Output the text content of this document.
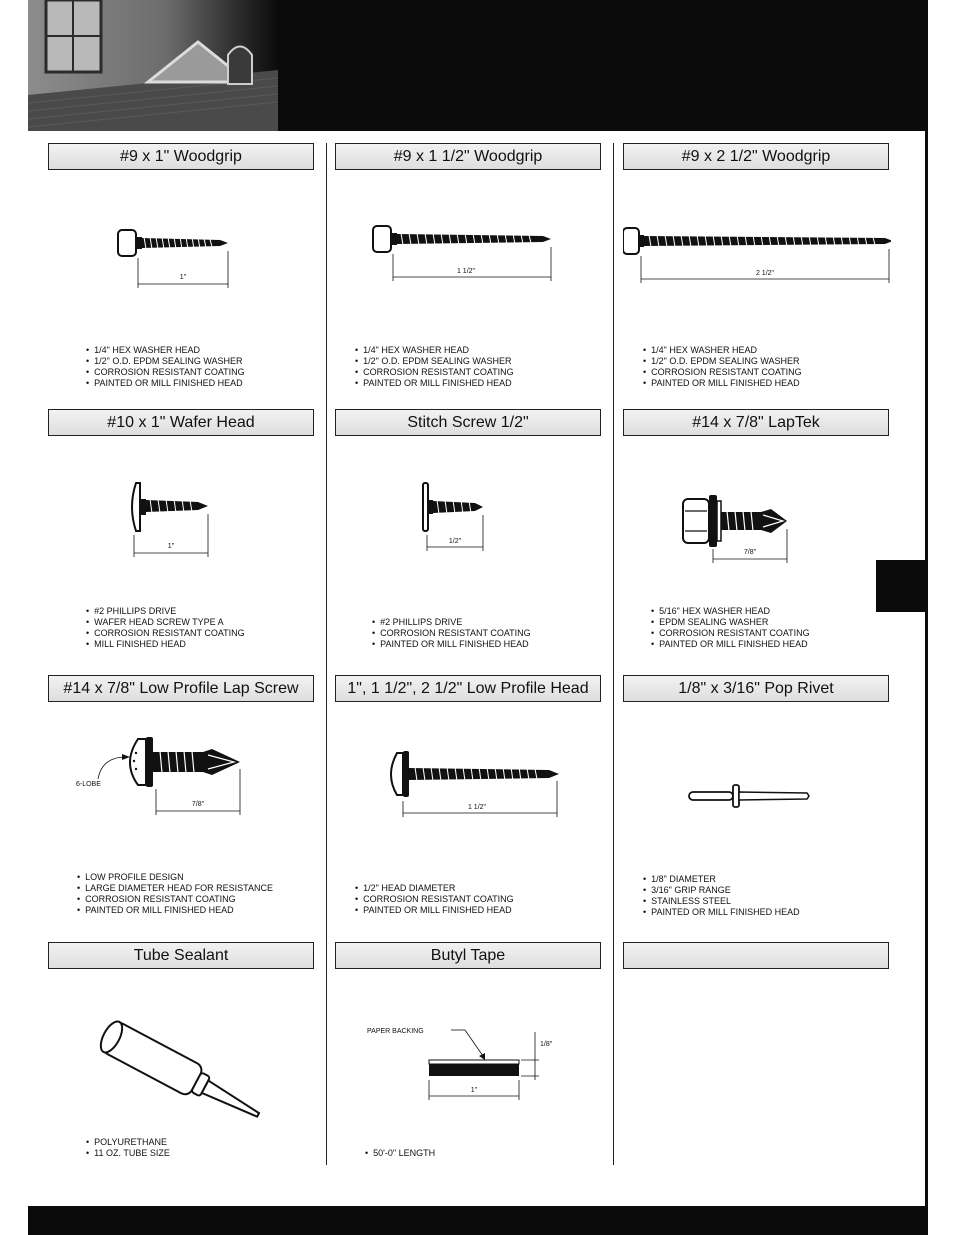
#9 x 1" Woodgrip
1"
• 1/4" HEX WASHER HEAD
• 1/2" O.D. EPDM SEALING WASHER
• CORROSION RESISTANT COATING
• PAINTED OR MILL FINISHED HEAD
#9 x 1 1/2" Woodgrip
1 1/2"
• 1/4" HEX WASHER HEAD
• 1/2" O.D. EPDM SEALING WASHER
• CORROSION RESISTANT COATING
• PAINTED OR MILL FINISHED HEAD
#9 x 2 1/2" Woodgrip
2 1/2"
• 1/4" HEX WASHER HEAD
• 1/2" O.D. EPDM SEALING WASHER
• CORROSION RESISTANT COATING
• PAINTED OR MILL FINISHED HEAD
#10 x 1" Wafer Head
1"
• #2 PHILLIPS DRIVE
• WAFER HEAD SCREW TYPE A
• CORROSION RESISTANT COATING
• MILL FINISHED HEAD
Stitch Screw 1/2"
1/2"
• #2 PHILLIPS DRIVE
• CORROSION RESISTANT COATING
• PAINTED OR MILL FINISHED HEAD
#14 x 7/8" LapTek
7/8"
• 5/16" HEX WASHER HEAD
• EPDM SEALING WASHER
• CORROSION RESISTANT COATING
• PAINTED OR MILL FINISHED HEAD
#14 x 7/8" Low Profile Lap Screw
6-LOBE
7/8"
• LOW PROFILE DESIGN
• LARGE DIAMETER HEAD FOR RESISTANCE
• CORROSION RESISTANT COATING
• PAINTED OR MILL FINISHED HEAD
1", 1 1/2", 2 1/2" Low Profile Head
1 1/2"
• 1/2" HEAD DIAMETER
• CORROSION RESISTANT COATING
• PAINTED OR MILL FINISHED HEAD
1/8" x 3/16" Pop Rivet
• 1/8" DIAMETER
• 3/16" GRIP RANGE
• STAINLESS STEEL
• PAINTED OR MILL FINISHED HEAD
Tube Sealant
• POLYURETHANE
• 11 OZ. TUBE SIZE
Butyl Tape
PAPER BACKING
1/8"
1"
• 50'-0" LENGTH
